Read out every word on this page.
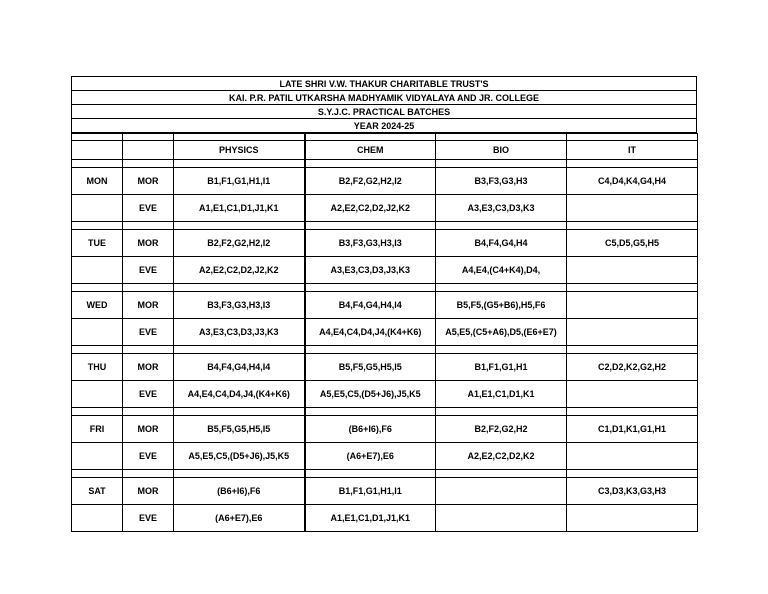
LATE SHRI V.W. THAKUR CHARITABLE TRUST'S
KAI. P.R. PATIL UTKARSHA MADHYAMIK VIDYALAYA AND JR. COLLEGE
S.Y.J.C. PRACTICAL BATCHES
YEAR 2024-25

		PHYSICS	CHEM	BIO	IT

MON	MOR	B1,F1,G1,H1,I1	B2,F2,G2,H2,I2	B3,F3,G3,H3	C4,D4,K4,G4,H4
	EVE	A1,E1,C1,D1,J1,K1	A2,E2,C2,D2,J2,K2	A3,E3,C3,D3,K3	

TUE	MOR	B2,F2,G2,H2,I2	B3,F3,G3,H3,I3	B4,F4,G4,H4	C5,D5,G5,H5
	EVE	A2,E2,C2,D2,J2,K2	A3,E3,C3,D3,J3,K3	A4,E4,(C4+K4),D4,	

WED	MOR	B3,F3,G3,H3,I3	B4,F4,G4,H4,I4	B5,F5,(G5+B6),H5,F6	
	EVE	A3,E3,C3,D3,J3,K3	A4,E4,C4,D4,J4,(K4+K6)	A5,E5,(C5+A6),D5,(E6+E7)	

THU	MOR	B4,F4,G4,H4,I4	B5,F5,G5,H5,I5	B1,F1,G1,H1	C2,D2,K2,G2,H2
	EVE	A4,E4,C4,D4,J4,(K4+K6)	A5,E5,C5,(D5+J6),J5,K5	A1,E1,C1,D1,K1	

FRI	MOR	B5,F5,G5,H5,I5	(B6+I6),F6	B2,F2,G2,H2	C1,D1,K1,G1,H1
	EVE	A5,E5,C5,(D5+J6),J5,K5	(A6+E7),E6	A2,E2,C2,D2,K2	

SAT	MOR	(B6+I6),F6	B1,F1,G1,H1,I1		C3,D3,K3,G3,H3
	EVE	(A6+E7),E6	A1,E1,C1,D1,J1,K1		
